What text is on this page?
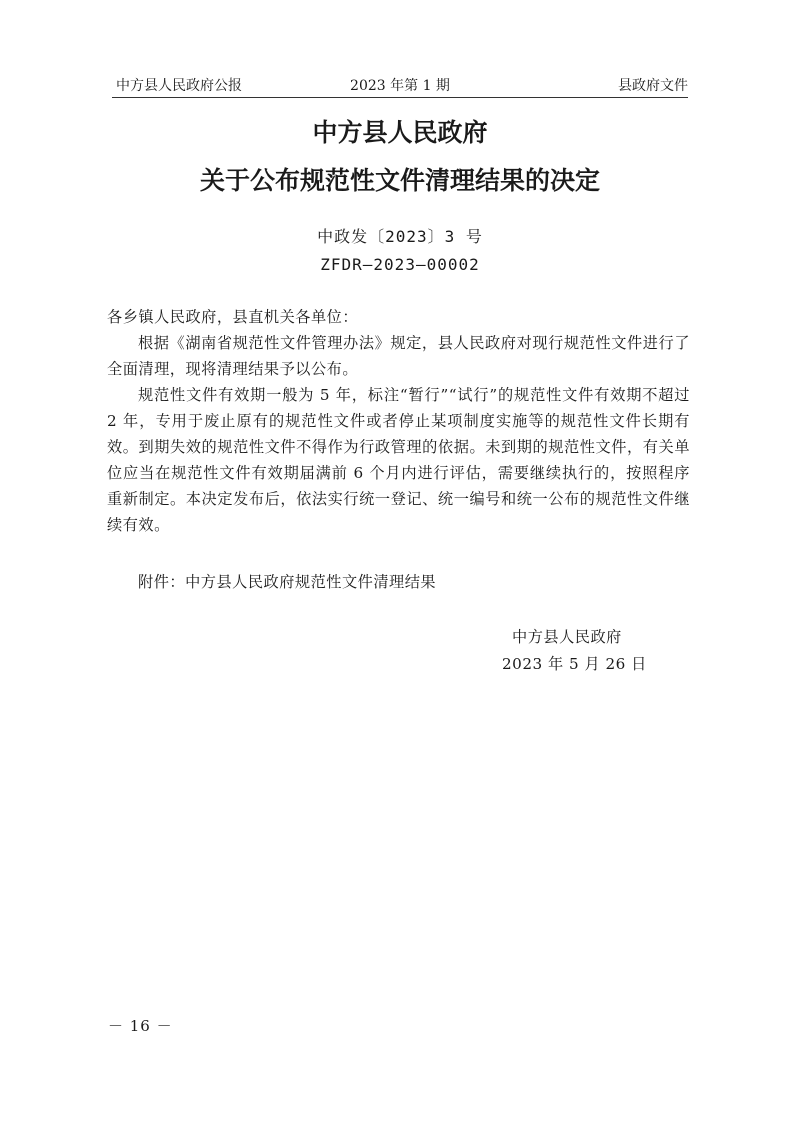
中方县人民政府公报	2023 年第 1 期	县政府文件
中方县人民政府
关于公布规范性文件清理结果的决定
中政发〔2023〕3 号
ZFDR—2023—00002

各乡镇人民政府，县直机关各单位：

根据《湖南省规范性文件管理办法》规定，县人民政府对现行规范性文件进行了全面清理，现将清理结果予以公布。

规范性文件有效期一般为 5 年，标注“暂行”“试行”的规范性文件有效期不超过 2 年，专用于废止原有的规范性文件或者停止某项制度实施等的规范性文件长期有效。到期失效的规范性文件不得作为行政管理的依据。未到期的规范性文件，有关单位应当在规范性文件有效期届满前 6 个月内进行评估，需要继续执行的，按照程序重新制定。本决定发布后，依法实行统一登记、统一编号和统一公布的规范性文件继续有效。

附件：中方县人民政府规范性文件清理结果

中方县人民政府
2023 年 5 月 26 日
－ 16 －
